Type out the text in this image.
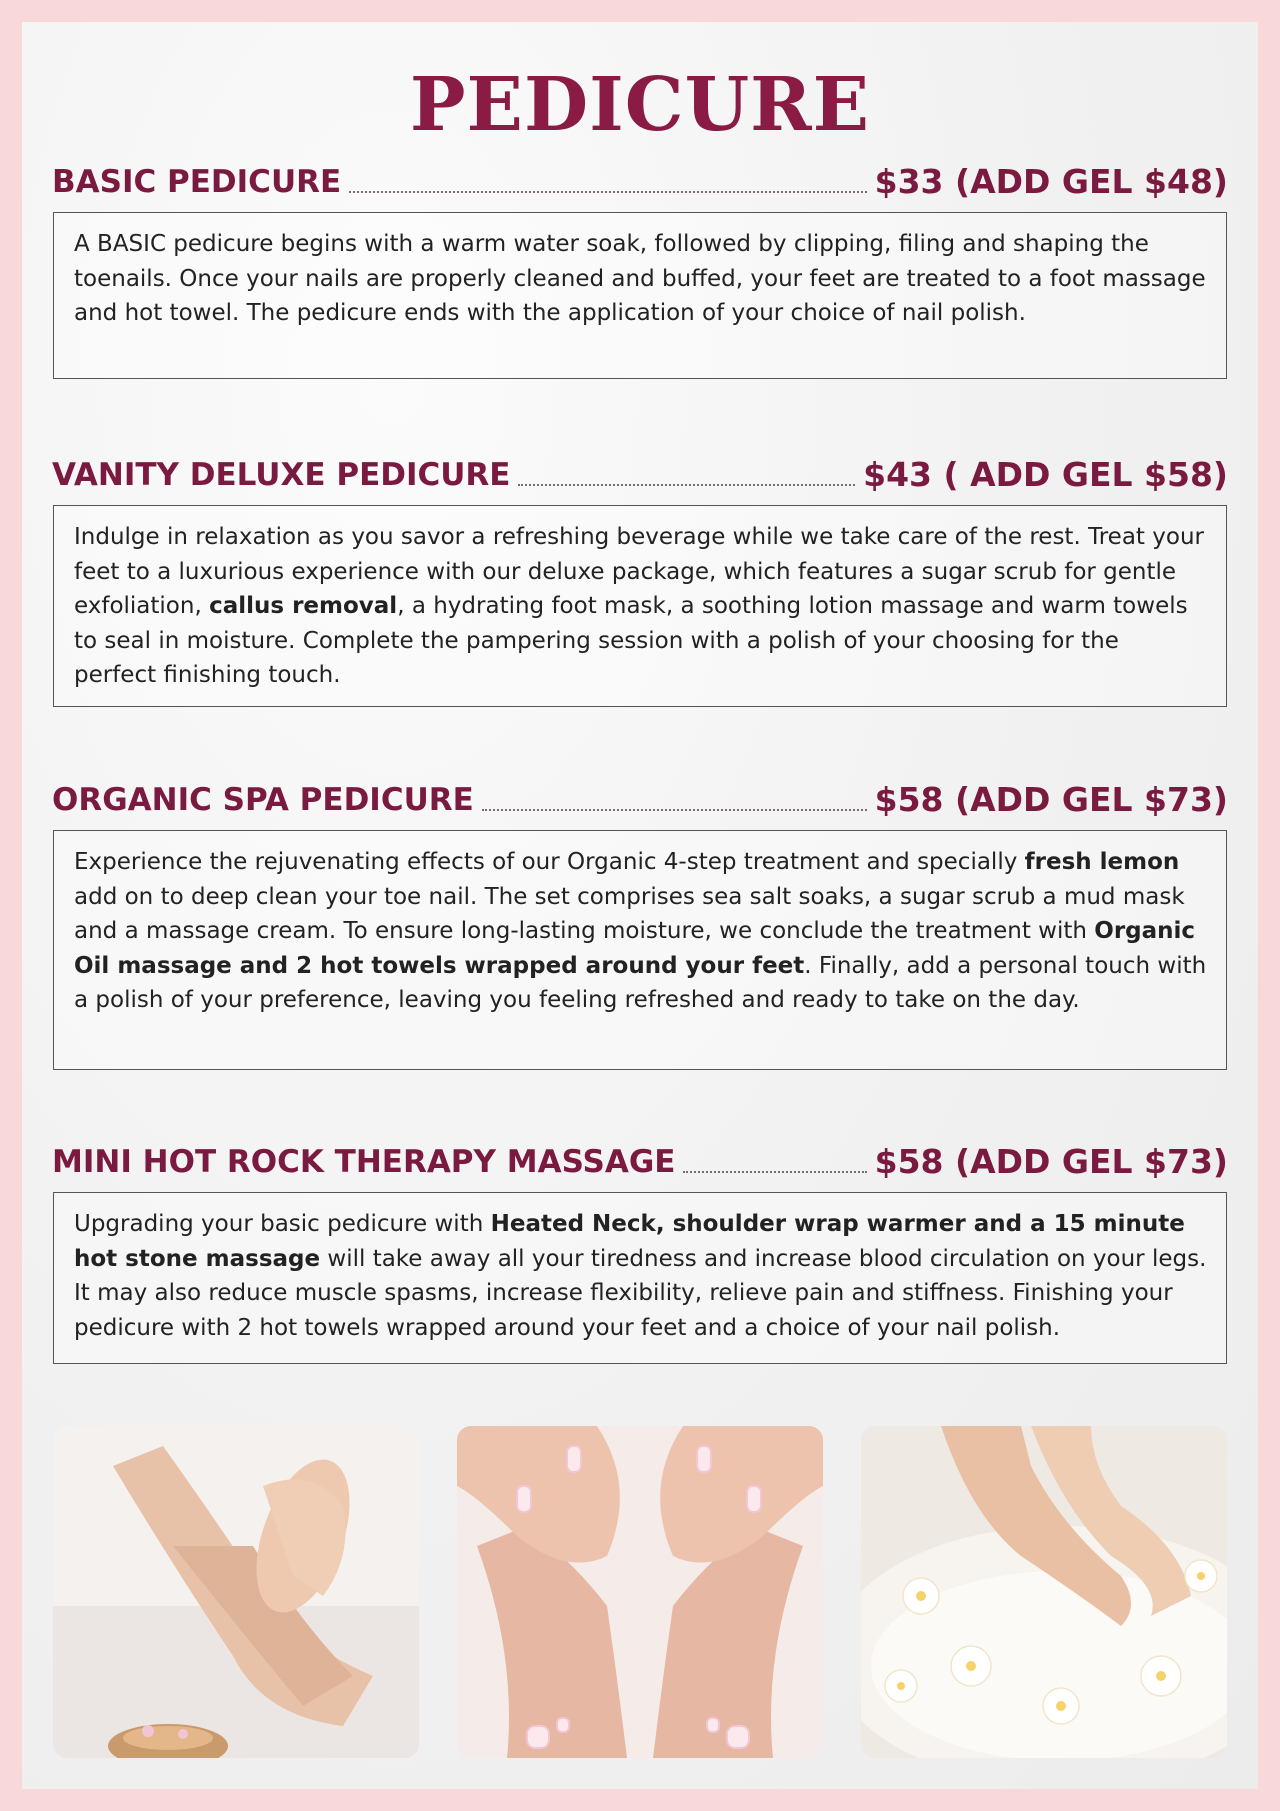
PEDICURE
BASIC PEDICURE	$33 (ADD GEL $48)
A BASIC pedicure begins with a warm water soak, followed by clipping, filing and shaping the toenails. Once your nails are properly cleaned and buffed, your feet are treated to a foot massage and hot towel. The pedicure ends with the application of your choice of nail polish.
VANITY DELUXE PEDICURE	$43 ( ADD GEL $58)
Indulge in relaxation as you savor a refreshing beverage while we take care of the rest. Treat your feet to a luxurious experience with our deluxe package, which features a sugar scrub for gentle exfoliation, callus removal, a hydrating foot mask, a soothing lotion massage and warm towels to seal in moisture. Complete the pampering session with a polish of your choosing for the perfect finishing touch.
ORGANIC SPA PEDICURE	$58 (ADD GEL $73)
Experience the rejuvenating effects of our Organic 4-step treatment and specially fresh lemon add on to deep clean your toe nail. The set comprises sea salt soaks, a sugar scrub a mud mask and a massage cream. To ensure long-lasting moisture, we conclude the treatment with Organic Oil massage and 2 hot towels wrapped around your feet. Finally, add a personal touch with a polish of your preference, leaving you feeling refreshed and ready to take on the day.
MINI HOT ROCK THERAPY MASSAGE	$58 (ADD GEL $73)
Upgrading your basic pedicure with Heated Neck, shoulder wrap warmer and a 15 minute hot stone massage will take away all your tiredness and increase blood circulation on your legs. It may also reduce muscle spasms, increase flexibility, relieve pain and stiffness. Finishing your pedicure with 2 hot towels wrapped around your feet and a choice of your nail polish.
